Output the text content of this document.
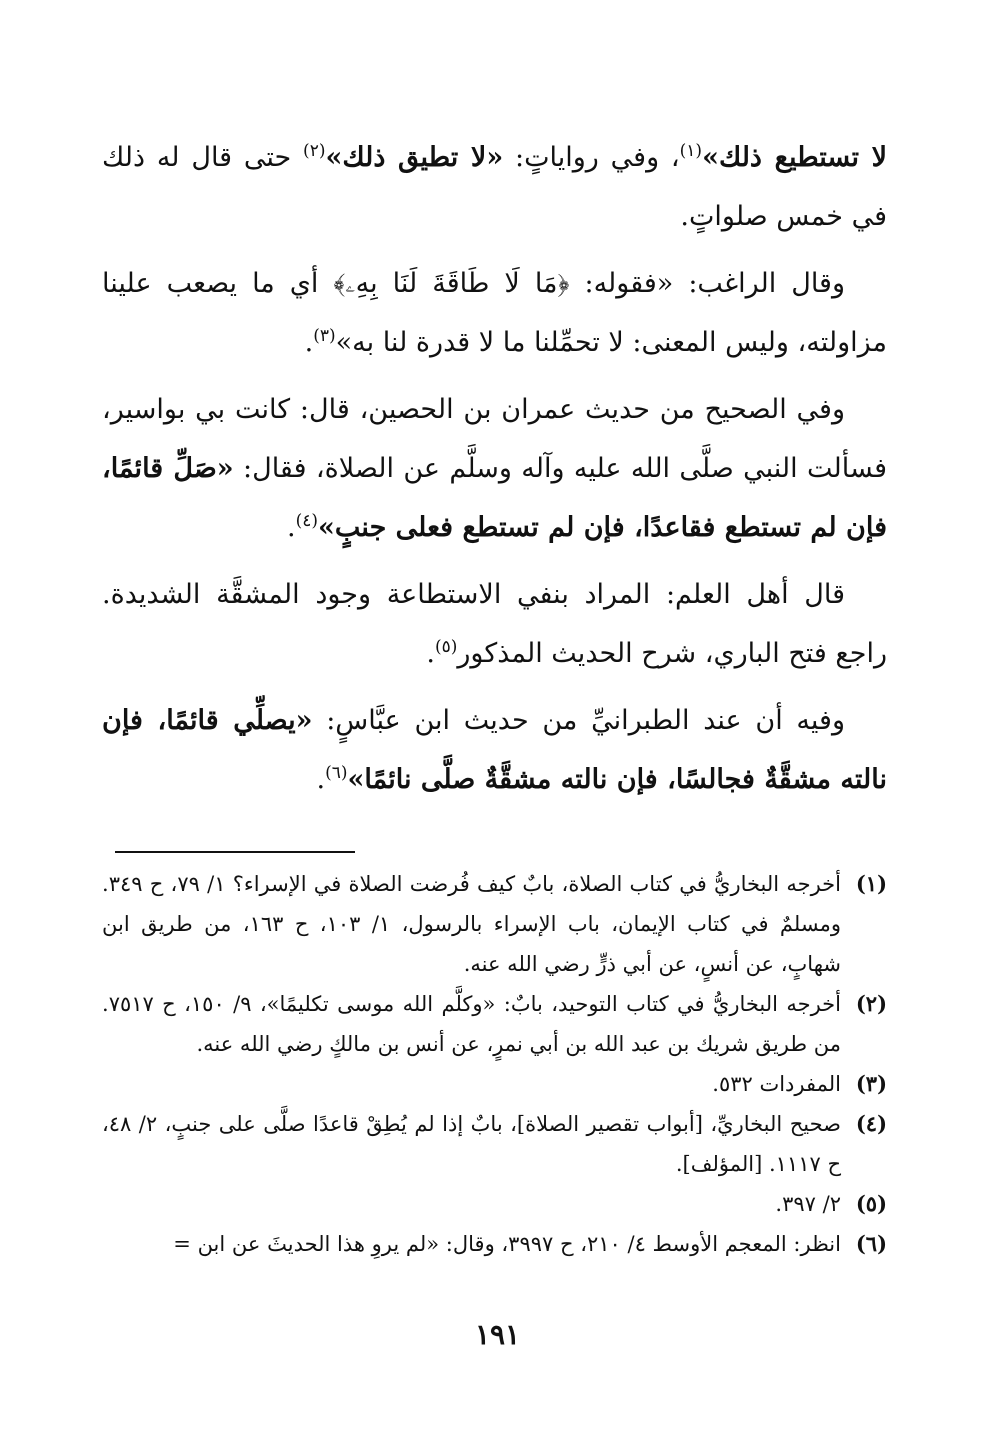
لا تستطيع ذلك»$^{(١)}$، وفي رواياتٍ: «لا تطيق ذلك»$^{(٢)}$ حتى قال له ذلك في خمس صلواتٍ.

وقال الراغب: «فقوله: ﴿مَا لَا طَاقَةَ لَنَا بِهِۦ﴾ أي ما يصعب علينا مزاولته، وليس المعنى: لا تحمِّلنا ما لا قدرة لنا به»$^{(٣)}$.

وفي الصحيح من حديث عمران بن الحصين، قال: كانت بي بواسير، فسألت النبي صلَّى الله عليه وآله وسلَّم عن الصلاة، فقال: «صَلِّ قائمًا، فإن لم تستطع فقاعدًا، فإن لم تستطع فعلى جنبٍ»$^{(٤)}$.

قال أهل العلم: المراد بنفي الاستطاعة وجود المشقَّة الشديدة. راجع فتح الباري، شرح الحديث المذكور$^{(٥)}$.

وفيه أن عند الطبرانيِّ من حديث ابن عبَّاسٍ: «يصلِّي قائمًا، فإن نالته مشقَّةٌ فجالسًا، فإن نالته مشقَّةٌ صلَّى نائمًا»$^{(٦)}$.

(١)
أخرجه البخاريُّ في كتاب الصلاة، بابٌ كيف فُرضت الصلاة في الإسراء؟ ١/ ٧٩، ح ٣٤٩. ومسلمٌ في كتاب الإيمان، باب الإسراء بالرسول، ١/ ١٠٣، ح ١٦٣، من طريق ابن شهابٍ، عن أنسٍ، عن أبي ذرٍّ رضي الله عنه.
(٢)
أخرجه البخاريُّ في كتاب التوحيد، بابٌ: «وكلَّم الله موسى تكليمًا»، ٩/ ١٥٠، ح ٧٥١٧. من طريق شريك بن عبد الله بن أبي نمرٍ، عن أنس بن مالكٍ رضي الله عنه.
(٣)
المفردات ٥٣٢.
(٤)
صحيح البخاريِّ، [أبواب تقصير الصلاة]، بابٌ إذا لم يُطِقْ قاعدًا صلَّى على جنبٍ، ٢/ ٤٨، ح ١١١٧. [المؤلف].
(٥)
٢/ ٣٩٧.
(٦)
انظر: المعجم الأوسط ٤/ ٢١٠، ح ٣٩٩٧، وقال: «لم يروِ هذا الحديثَ عن ابن =
١٩١
